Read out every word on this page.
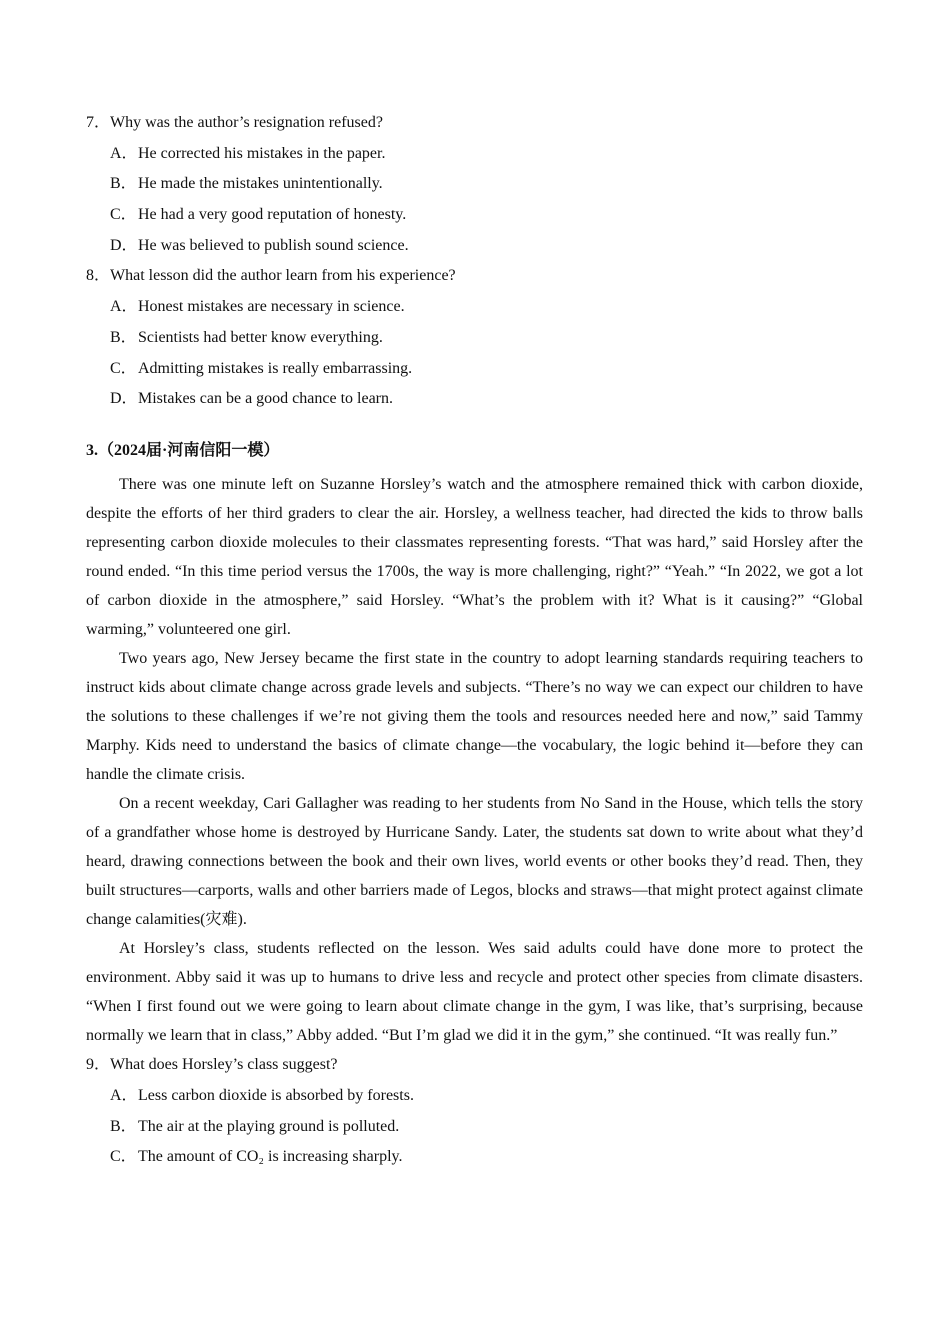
7．Why was the author’s resignation refused?
A．He corrected his mistakes in the paper.
B．He made the mistakes unintentionally.
C．He had a very good reputation of honesty.
D．He was believed to publish sound science.
8．What lesson did the author learn from his experience?
A．Honest mistakes are necessary in science.
B．Scientists had better know everything.
C．Admitting mistakes is really embarrassing.
D．Mistakes can be a good chance to learn.
3.（2024届·河南信阳一模）

There was one minute left on Suzanne Horsley’s watch and the atmosphere remained thick with carbon dioxide, despite the efforts of her third graders to clear the air. Horsley, a wellness teacher, had directed the kids to throw balls representing carbon dioxide molecules to their classmates representing forests. “That was hard,” said Horsley after the round ended. “In this time period versus the 1700s, the way is more challenging, right?” “Yeah.” “In 2022, we got a lot of carbon dioxide in the atmosphere,” said Horsley. “What’s the problem with it? What is it causing?” “Global warming,” volunteered one girl.

Two years ago, New Jersey became the first state in the country to adopt learning standards requiring teachers to instruct kids about climate change across grade levels and subjects. “There’s no way we can expect our children to have the solutions to these challenges if we’re not giving them the tools and resources needed here and now,” said Tammy Marphy. Kids need to understand the basics of climate change—the vocabulary, the logic behind it—before they can handle the climate crisis.

On a recent weekday, Cari Gallagher was reading to her students from No Sand in the House, which tells the story of a grandfather whose home is destroyed by Hurricane Sandy. Later, the students sat down to write about what they’d heard, drawing connections between the book and their own lives, world events or other books they’d read. Then, they built structures—carports, walls and other barriers made of Legos, blocks and straws—that might protect against climate change calamities(灾难).

At Horsley’s class, students reflected on the lesson. Wes said adults could have done more to protect the environment. Abby said it was up to humans to drive less and recycle and protect other species from climate disasters. “When I first found out we were going to learn about climate change in the gym, I was like, that’s surprising, because normally we learn that in class,” Abby added. “But I’m glad we did it in the gym,” she continued. “It was really fun.”

9．What does Horsley’s class suggest?
A．Less carbon dioxide is absorbed by forests.
B．The air at the playing ground is polluted.
C．The amount of CO₂ is increasing sharply.
